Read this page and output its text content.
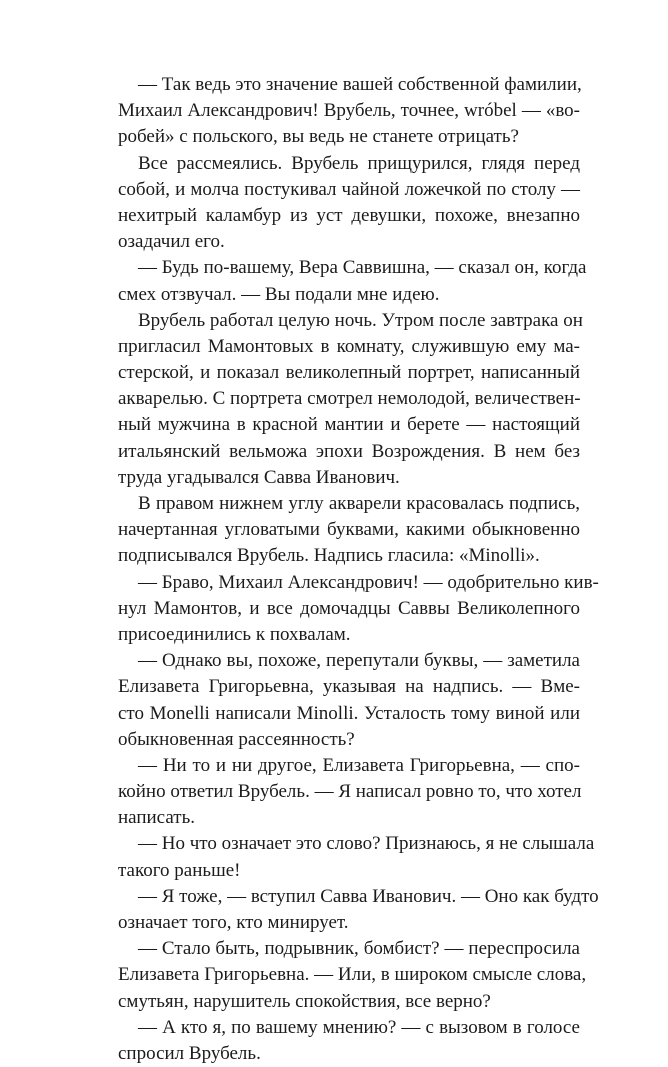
— Так ведь это значение вашей собственной фамилии,
Михаил Александрович! Врубель, точнее, wróbel — «во-
робей» с польского, вы ведь не станете отрицать?
Все рассмеялись. Врубель прищурился, глядя перед
собой, и молча постукивал чайной ложечкой по столу —
нехитрый каламбур из уст девушки, похоже, внезапно
озадачил его.
— Будь по-вашему, Вера Саввишна, — сказал он, когда
смех отзвучал. — Вы подали мне идею.
Врубель работал целую ночь. Утром после завтрака он
пригласил Мамонтовых в комнату, служившую ему ма-
стерской, и показал великолепный портрет, написанный
акварелью. С портрета смотрел немолодой, величествен-
ный мужчина в красной мантии и берете — настоящий
итальянский вельможа эпохи Возрождения. В нем без
труда угадывался Савва Иванович.
В правом нижнем углу акварели красовалась подпись,
начертанная угловатыми буквами, какими обыкновенно
подписывался Врубель. Надпись гласила: «Minolli».
— Браво, Михаил Александрович! — одобрительно кив-
нул Мамонтов, и все домочадцы Саввы Великолепного
присоединились к похвалам.
— Однако вы, похоже, перепутали буквы, — заметила
Елизавета Григорьевна, указывая на надпись. — Вме-
сто Monelli написали Minolli. Усталость тому виной или
обыкновенная рассеянность?
— Ни то и ни другое, Елизавета Григорьевна, — спо-
койно ответил Врубель. — Я написал ровно то, что хотел
написать.
— Но что означает это слово? Признаюсь, я не слышала
такого раньше!
— Я тоже, — вступил Савва Иванович. — Оно как будто
означает того, кто минирует.
— Стало быть, подрывник, бомбист? — переспросила
Елизавета Григорьевна. — Или, в широком смысле слова,
смутьян, нарушитель спокойствия, все верно?
— А кто я, по вашему мнению? — с вызовом в голосе
спросил Врубель.
